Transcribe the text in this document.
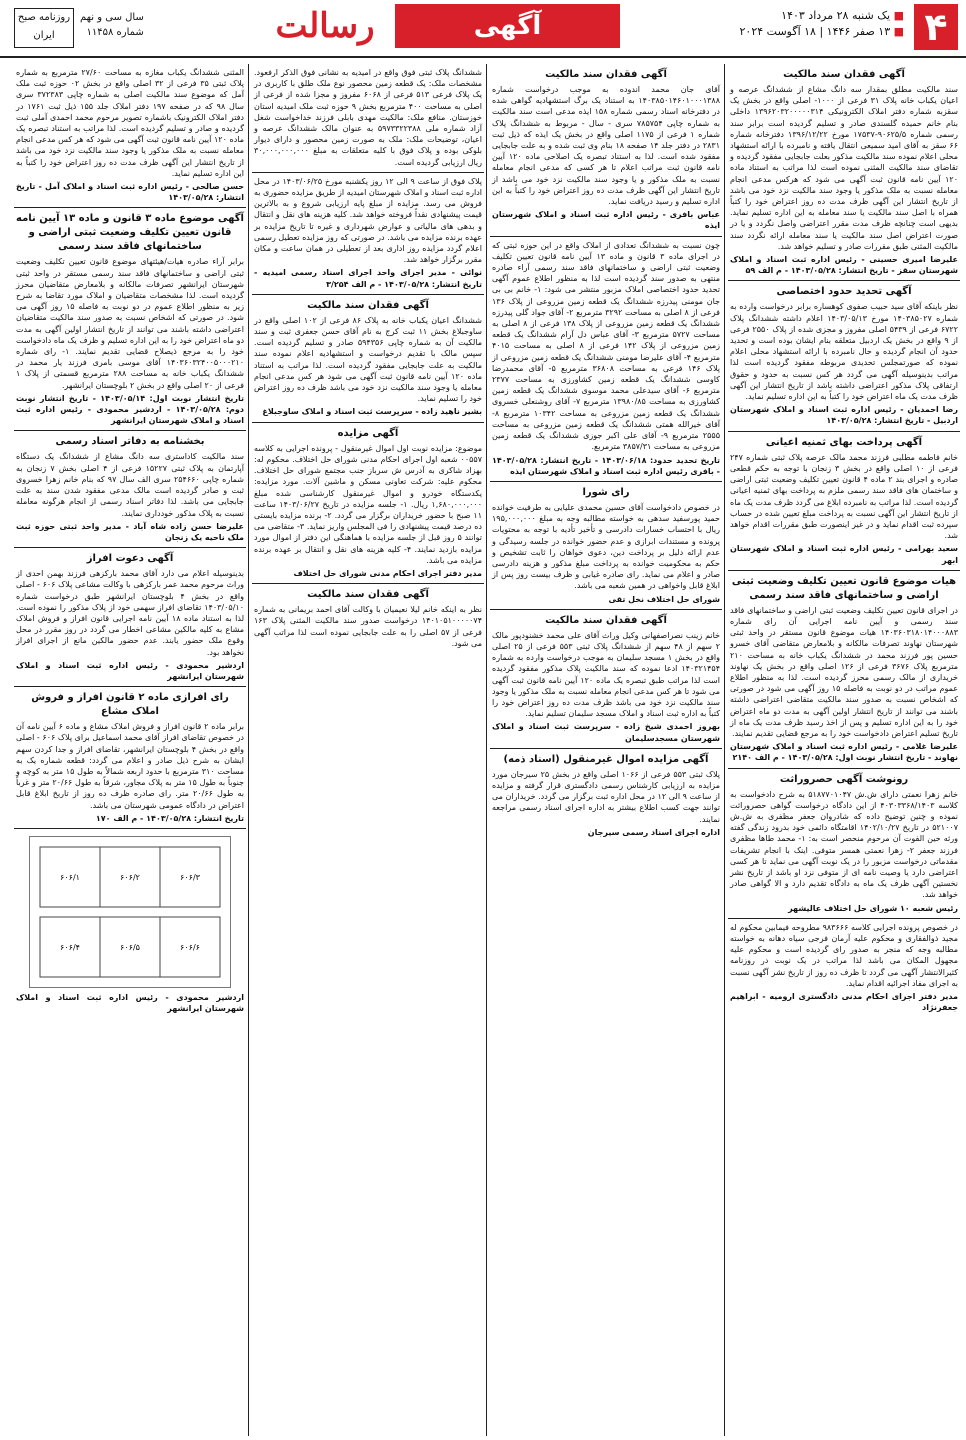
۴
■ یک شنبه ۲۸ مرداد ۱۴۰۳
■ ۱۳ صفر ۱۴۴۶ | ۱۸ آگوست ۲۰۲۴
آگهی
رسالت
سال سی و نهم
شماره ۱۱۴۵۸
روزنامه صبح ایران
آگهی فقدان سند مالکیت
سند مالکیت مطلق بمقدار سه دانگ مشاع از ششدانگ عرصه و اعیان یکباب خانه پلاک ۳۱ فرعی از ۱۰۰۰- اصلی واقع در بخش یک سقزبه شماره دفتر املاک الکترونیکی ۱۳۹۶۲۰۳۲۰۰۰۰۰۳۱۴ داخلی بنام خانم حمیده گلسندی صادر و تسلیم گردیده است برابر سند رسمی شماره ۹۰۶۲۵/۵-۱۷۵۳۷ مورخ ۱۳۹۶/۱۲/۲۲ دفترخانه شماره ۶۶ سقز به آقای امید سمیعی انتقال یافته و نامبرده با ارائه استشهاد محلی اعلام نموده سند مالکیت مذکور بعلت جابجایی مفقود گردیده و تقاضای سند مالکیت المثنی نموده است لذا مراتب به استناد ماده ۱۲۰ آیین نامه قانون ثبت آگهی می شود که هرکس مدعی انجام معامله نسبت به ملک مذکور یا وجود سند مالکیت نزد خود می باشد از تاریخ انتشار این آگهی ظرف مدت ده روز اعتراض خود را کتباً همراه با اصل سند مالکیت یا سند معامله به این اداره تسلیم نماید. بدیهی است چنانچه ظرف مدت مقرر اعتراضی واصل نگردد و یا در صورت اعتراض اصل سند مالکیت یا سند معامله ارائه نگردد سند مالکیت المثنی طبق مقررات صادر و تسلیم خواهد شد.
علیرضا امیری حسینی - رئیس اداره ثبت اسناد و املاک شهرستان سقز - تاریخ انتشار: ۱۴۰۳/۰۵/۲۸ - م الف ۵۹
آگهی تحدید حدود اختصاصی
نظر باینکه آقای سید حبیب صفوی کوهساره برابر درخواست وارده به شماره ۱۴۰۳۸۵۰۲۷ مورخ ۱۴۰۳/۰۵/۱۳ اعلام داشته ششدانگ پلاک ۶۷۲۲ فرعی از ۵۴۳۹ اصلی مفروز و مجزی شده از پلاک ۲۵۵۰ فرعی از ۹ واقع در بخش یک اردبیل متعلقه بنام ایشان بوده است و تحدید حدود آن انجام گردیده و حال نامبرده با ارائه استشهاد محلی اعلام نموده که صورتمجلس تحدیدی مربوطه مفقود گردیده است لذا مراتب بدینوسیله آگهی می گردد هر کس نسبت به حدود و حقوق ارتفاقی پلاک مذکور اعتراضی داشته باشد از تاریخ انتشار این آگهی ظرف مدت یک ماه اعتراض خود را کتباً به این اداره تسلیم نماید.
رضا احمدیان - رئیس اداره ثبت اسناد و املاک شهرستان اردبیل - تاریخ انتشار: ۱۴۰۳/۰۵/۲۸
آگهی پرداخت بهای ثمنیه اعیانی
خانم فاطمه مطلبی فرزند محمد مالک عرصه پلاک ثبتی شماره ۲۴۷ فرعی از ۱۰ اصلی واقع در بخش ۳ زنجان با توجه به حکم قطعی صادره و اجرای بند ۲ ماده ۴ قانون تعیین تکلیف وضعیت ثبتی اراضی و ساختمان های فاقد سند رسمی ملزم به پرداخت بهای ثمنیه اعیانی گردیده است. لذا مراتب به نامبرده ابلاغ می گردد ظرف مدت یک ماه از تاریخ انتشار این آگهی نسبت به پرداخت مبلغ تعیین شده در حساب سپرده ثبت اقدام نماید و در غیر اینصورت طبق مقررات اقدام خواهد شد.
سعید بهرامی - رئیس اداره ثبت اسناد و املاک شهرستان ابهر
هیات موضوع قانون تعیین تکلیف وضعیت ثبتی اراضی و ساختمانهای فاقد سند رسمی
در اجرای قانون تعیین تکلیف وضعیت ثبتی اراضی و ساختمانهای فاقد سند رسمی و آیین نامه اجرایی آن رای شماره ۱۴۰۳۶۰۳۱۸۰۱۴۰۰۰۸۸۳ هیات موضوع قانون مستقر در واحد ثبتی شهرستان نهاوند تصرفات مالکانه و بلامعارض متقاضی آقای خسرو حسین پور فرزند محمد در ششدانگ یکباب خانه به مساحت ۲۱۰ مترمربع پلاک ۳۶۷۶ فرعی از ۱۲۶ اصلی واقع در بخش یک نهاوند خریداری از مالک رسمی محرز گردیده است. لذا به منظور اطلاع عموم مراتب در دو نوبت به فاصله ۱۵ روز آگهی می شود در صورتی که اشخاص نسبت به صدور سند مالکیت متقاضی اعتراضی داشته باشند می توانند از تاریخ انتشار اولین آگهی به مدت دو ماه اعتراض خود را به این اداره تسلیم و پس از اخذ رسید ظرف مدت یک ماه از تاریخ تسلیم اعتراض دادخواست خود را به مرجع قضایی تقدیم نمایند.
علیرضا غلامی - رئیس اداره ثبت اسناد و املاک شهرستان نهاوند - تاریخ انتشار نوبت اول: ۱۴۰۳/۰۵/۲۸ - م الف ۲۱۴۰
رونوشت آگهی حصروراثت
خانم زهرا نعمتی دارای ش.ش ۵۱۸۷۷۰۱۰۴۷ به شرح دادخواست به کلاسه ۴۰۳۰۳۳۶۸/۱۴۰۳ از این دادگاه درخواست گواهی حصروراثت نموده و چنین توضیح داده که شادروان جعفر مظفری به ش.ش ۵۲۱۰۰۷ در تاریخ ۱۴۰۲/۱۰/۲۷ اقامتگاه دائمی خود بدرود زندگی گفته ورثه حین الفوت آن مرحوم منحصر است به: ۱- محمد طاها مظفری فرزند جعفر ۲- زهرا نعمتی همسر متوفی. اینک با انجام تشریفات مقدماتی درخواست مزبور را در یک نوبت آگهی می نماید تا هر کسی اعتراضی دارد یا وصیت نامه ای از متوفی نزد او باشد از تاریخ نشر نخستین آگهی ظرف یک ماه به دادگاه تقدیم دارد و الا گواهی صادر خواهد شد.
رئیس شعبه ۱۰ شورای حل اختلاف عالیشهر
در خصوص پرونده اجرایی کلاسه ۹۸۳۶۶۶ مطروحه فیمابین محکوم له مجید ذوالفقاری و محکوم علیه آرمان فرجی سیاه دهانه به خواسته مطالبه وجه که منجر به صدور رای گردیده است و محکوم علیه مجهول المکان می باشد لذا مراتب در یک نوبت در روزنامه کثیرالانتشار آگهی می گردد تا ظرف ده روز از تاریخ نشر آگهی نسبت به اجرای مفاد اجرائیه اقدام نماید.
مدیر دفتر اجرای احکام مدنی دادگستری ارومیه - ابراهیم جعفرنژاد
آگهی فقدان سند مالکیت
آقای جان محمد اندوده به موجب درخواست شماره ۱۴۰۳۸۵۰۱۴۶۰۱۰۰۰۱۳۸۸ به استناد یک برگ استشهادیه گواهی شده در دفترخانه اسناد رسمی شماره ۱۵۸ ایذه مدعی است سند مالکیت به شماره چاپی ۷۸۵۷۵۴ سری - سال - مربوط به ششدانگ پلاک شماره ۱ فرعی از ۱۱۷۵ اصلی واقع در بخش یک ایذه که ذیل ثبت ۲۸۳۱ در دفتر جلد ۱۴ صفحه ۱۸ بنام وی ثبت شده و به علت جابجایی مفقود شده است. لذا به استناد تبصره یک اصلاحی ماده ۱۲۰ آیین نامه قانون ثبت مراتب اعلام تا هر کسی که مدعی انجام معامله نسبت به ملک مذکور و یا وجود سند مالکیت نزد خود می باشد از تاریخ انتشار این آگهی ظرف مدت ده روز اعتراض خود را کتباً به این اداره تسلیم و رسید دریافت نماید.
عباس بافری - رئیس اداره ثبت اسناد و املاک شهرستان ایذه
چون نسبت به ششدانگ تعدادی از املاک واقع در این حوزه ثبتی که در اجرای ماده ۳ قانون و ماده ۱۳ آیین نامه قانون تعیین تکلیف وضعیت ثبتی اراضی و ساختمانهای فاقد سند رسمی آراء صادره منتهی به صدور سند گردیده است لذا به منظور اطلاع عموم آگهی تحدید حدود اختصاصی املاک مزبور منتشر می شود: ۱- خانم بی بی جان مومنی پیدرزه ششدانگ یک قطعه زمین مزروعی از پلاک ۱۳۶ فرعی از ۸ اصلی به مساحت ۳۲۹۲ مترمربع ۲- آقای جواد گلی پیدرزه ششدانگ یک قطعه زمین مزروعی از پلاک ۱۳۸ فرعی از ۸ اصلی به مساحت ۵۷۲۷ مترمربع ۳- آقای عباس دل آرام ششدانگ یک قطعه زمین مزروعی از پلاک ۱۴۲ فرعی از ۸ اصلی به مساحت ۴۰۱۵ مترمربع ۴- آقای علیرضا مومنی ششدانگ یک قطعه زمین مزروعی از پلاک ۱۴۶ فرعی به مساحت ۳۶۸۰۸ مترمربع ۵- آقای محمدرضا کاوسی ششدانگ یک قطعه زمین کشاورزی به مساحت ۲۳۷۷ مترمربع ۶- آقای سیدعلی محمد موسوی ششدانگ یک قطعه زمین کشاورزی به مساحت ۱۳۹۸۰/۸۵ مترمربع ۷- آقای روشنعلی خسروی ششدانگ یک قطعه زمین مزروعی به مساحت ۱۰۳۴۲ مترمربع ۸- آقای خیرالله همتی ششدانگ یک قطعه زمین مزروعی به مساحت ۲۵۵۵ مترمربع ۹- آقای علی اکبر جوزی ششدانگ یک قطعه زمین مزروعی به مساحت ۳۸۵۷/۳۱ مترمربع.
تاریخ تحدید حدود: ۱۴۰۳/۰۶/۱۸ - تاریخ انتشار: ۱۴۰۳/۰۵/۲۸ - بافری رئیس اداره ثبت اسناد و املاک شهرستان ایذه
رای شورا
در خصوص دادخواست آقای حسین محمدی علیایی به طرفیت خوانده حمید پورسفید سدهی به خواسته مطالبه وجه به مبلغ ۱۹۵,۰۰۰,۰۰۰ ریال با احتساب خسارات دادرسی و تأخیر تأدیه با توجه به محتویات پرونده و مستندات ابرازی و عدم حضور خوانده در جلسه رسیدگی و عدم ارائه دلیل بر پرداخت دین، دعوی خواهان را ثابت تشخیص و حکم به محکومیت خوانده به پرداخت مبلغ مذکور و هزینه دادرسی صادر و اعلام می نماید. رای صادره غیابی و ظرف بیست روز پس از ابلاغ قابل واخواهی در همین شعبه می باشد.
شورای حل اختلاف نخل تقی
آگهی فقدان سند مالکیت
خانم زینب نصراصفهانی وکیل وراث آقای علی محمد خشنودپور مالک ۲ سهم از ۴۸ سهم از ششدانگ پلاک ثبتی ۵۵۳ فرعی از ۲۵ اصلی واقع در بخش ۱ مسجد سلیمان به موجب درخواست وارده به شماره ۱۴۰۳۲۱۴۵۴ ادعا نموده که سند مالکیت پلاک مذکور مفقود گردیده است لذا مراتب طبق تبصره یک ماده ۱۲۰ آیین نامه قانون ثبت آگهی می شود تا هر کس مدعی انجام معامله نسبت به ملک مذکور یا وجود سند مالکیت نزد خود می باشد ظرف مدت ده روز اعتراض خود را کتباً به اداره ثبت اسناد و املاک مسجد سلیمان تسلیم نماید.
بهروز احمدی شیخ زاده - سرپرست ثبت اسناد و املاک شهرستان مسجدسلیمان
آگهی مزایده اموال غیرمنقول (اسناد ذمه)
پلاک ثبتی ۵۵۳ فرعی از ۱۰۶۶ اصلی واقع در بخش ۲۵ سیرجان مورد مزایده به ارزیابی کارشناس رسمی دادگستری قرار گرفته و مزایده از ساعت ۹ الی ۱۲ در محل اداره ثبت برگزار می گردد. خریداران می توانند جهت کسب اطلاع بیشتر به اداره اجرای اسناد رسمی مراجعه نمایند.
اداره اجرای اسناد رسمی سیرجان
ششدانگ پلاک ثبتی فوق واقع در امیدیه به نشانی فوق الذکر ارفعود. مشخصات ملک: یک قطعه زمین محصور نوع ملک طلق با کاربری در یک پلاک فرعی ۵۱۳ فرعی از ۶۰۶۸ مفروز و مجزا شده از فرعی از اصلی به مساحت ۴۰۰ مترمربع بخش ۹ حوزه ثبت ملک امیدیه استان خوزستان. منافع ملک: مالکیت مهدی بابلی فرزند خداخواست شغل آزاد شماره ملی ۵۹۷۳۳۲۲۳۸۸ به عنوان مالک ششدانگ عرصه و اعیان، توضیحات ملک: ملک به صورت زمین محصور و دارای دیوار بلوکی بوده و پلاک فوق با کلیه متعلقات به مبلغ ۳۰,۰۰۰,۰۰۰,۰۰۰ ریال ارزیابی گردیده است.
پلاک فوق از ساعت ۹ الی ۱۲ روز یکشنبه مورخ ۱۴۰۳/۰۶/۲۵ در محل اداره ثبت اسناد و املاک شهرستان امیدیه از طریق مزایده حضوری به فروش می رسد. مزایده از مبلغ پایه ارزیابی شروع و به بالاترین قیمت پیشنهادی نقداً فروخته خواهد شد. کلیه هزینه های نقل و انتقال و بدهی های مالیاتی و عوارض شهرداری و غیره تا تاریخ مزایده بر عهده برنده مزایده می باشد. در صورتی که روز مزایده تعطیل رسمی اعلام گردد مزایده روز اداری بعد از تعطیلی در همان ساعت و مکان مقرر برگزار خواهد شد.
نوائی - مدیر اجرای واحد اجرای اسناد رسمی امیدیه - تاریخ انتشار: ۱۴۰۳/۰۵/۲۸ - م الف ۳/۲۵۴
آگهی فقدان سند مالکیت
ششدانگ اعیان یکباب خانه به پلاک ۸۶ فرعی از ۱۰۲ اصلی واقع در ساوجبلاغ بخش ۱۱ ثبت کرج به نام آقای حسن جعفری ثبت و سند مالکیت آن به شماره چاپی ۵۹۴۳۵۶ صادر و تسلیم گردیده است. سپس مالک با تقدیم درخواست و استشهادیه اعلام نموده سند مالکیت به علت جابجایی مفقود گردیده است. لذا مراتب به استناد ماده ۱۲۰ آیین نامه قانون ثبت آگهی می شود هر کس مدعی انجام معامله یا وجود سند مالکیت نزد خود می باشد ظرف ده روز اعتراض خود را تسلیم نماید.
بشیر ناهید زاده - سرپرست ثبت اسناد و املاک ساوجبلاغ
آگهی مزایده
موضوع: مزایده نوبت اول اموال غیرمنقول - پرونده اجرایی به کلاسه ۰۰۵۵۷ شعبه اول اجرای احکام مدنی شورای حل اختلاف. محکوم له: بهزاد شاکری به آدرس ش سرباز جنب مجتمع شورای حل اختلاف. محکوم علیه: شرکت تعاونی مسکن و ماشین آلات. مورد مزایده: یکدستگاه خودرو و اموال غیرمنقول کارشناسی شده مبلغ ۱,۶۸۰,۰۰۰,۰۰۰ ریال. ۱- جلسه مزایده در تاریخ ۱۴۰۳/۰۶/۲۷ ساعت ۱۱ صبح با حضور خریداران برگزار می گردد. ۲- برنده مزایده بایستی ده درصد قیمت پیشنهادی را فی المجلس واریز نماید. ۳- متقاضی می توانند ۵ روز قبل از جلسه مزایده با هماهنگی این دفتر از اموال مورد مزایده بازدید نمایند. ۴- کلیه هزینه های نقل و انتقال بر عهده برنده مزایده می باشد.
مدیر دفتر اجرای احکام مدنی شورای حل اختلاف
آگهی فقدان سند مالکیت
نظر به اینکه خانم لیلا نعیمیان با وکالت آقای احمد بریمانی به شماره ۱۴۰۱۰۵۱۰۰۰۰۰۷۴ درخواست صدور سند مالکیت المثنی پلاک ۱۶۳ فرعی از ۵۷ اصلی را به علت جابجایی نموده است لذا مراتب آگهی می شود.
المثنی ششدانگ یکباب مغازه به مساحت ۲۷/۶۰ مترمربع به شماره پلاک ثبتی ۳۵ فرعی از ۳۲ اصلی واقع در بخش ۰۲ حوزه ثبت ملک آمل که موضوع سند مالکیت اصلی به شماره چاپی ۳۷۲۳۸۳ سری سال ۹۸ که در صفحه ۱۹۷ دفتر املاک جلد ۱۵۵ ذیل ثبت ۱۷۶۱ در دفتر املاک الکترونیک باشماره تصویر مرحوم محمد احمدی آملی ثبت گردیده و صادر و تسلیم گردیده است. لذا مراتب به استناد تبصره یک ماده ۱۲۰ آیین نامه قانون ثبت آگهی می شود که هر کس مدعی انجام معامله نسبت به ملک مذکور یا وجود سند مالکیت نزد خود می باشد از تاریخ انتشار این آگهی ظرف مدت ده روز اعتراض خود را کتباً به این اداره تسلیم نماید.
حسن صالحی - رئیس اداره ثبت اسناد و املاک آمل - تاریخ انتشار: ۱۴۰۳/۰۵/۲۸
آگهی موضوع ماده ۳ قانون و ماده ۱۳ آیین نامه قانون تعیین تکلیف وضعیت ثبتی اراضی و ساختمانهای فاقد سند رسمی
برابر آراء صادره هیات/هیئتهای موضوع قانون تعیین تکلیف وضعیت ثبتی اراضی و ساختمانهای فاقد سند رسمی مستقر در واحد ثبتی شهرستان ایرانشهر تصرفات مالکانه و بلامعارض متقاضیان محرز گردیده است. لذا مشخصات متقاضیان و املاک مورد تقاضا به شرح زیر به منظور اطلاع عموم در دو نوبت به فاصله ۱۵ روز آگهی می شود. در صورتی که اشخاص نسبت به صدور سند مالکیت متقاضیان اعتراضی داشته باشند می توانند از تاریخ انتشار اولین آگهی به مدت دو ماه اعتراض خود را به این اداره تسلیم و ظرف یک ماه دادخواست خود را به مرجع ذیصلاح قضایی تقدیم نمایند. ۱- رای شماره ۱۴۰۳۶۰۳۲۴۰۰۵۰۰۰۲۱۰ آقای موسی بامری فرزند یار محمد در ششدانگ یکباب خانه به مساحت ۲۸۸ مترمربع قسمتی از پلاک ۱ فرعی از ۲۰ اصلی واقع در بخش ۲ بلوچستان ایرانشهر.
تاریخ انتشار نوبت اول: ۱۴۰۳/۰۵/۱۴ - تاریخ انتشار نوبت دوم: ۱۴۰۳/۰۵/۲۸ - اردشیر محمودی - رئیس اداره ثبت اسناد و املاک شهرستان ایرانشهر
بخشنامه به دفاتر اسناد رسمی
سند مالکیت کاداستری سه دانگ مشاع از ششدانگ یک دستگاه آپارتمان به پلاک ثبتی ۱۵۲۲۷ فرعی از ۴ اصلی بخش ۷ زنجان به شماره چاپی ۲۵۴۶۶۰ سری الف سال ۹۷ که بنام خانم زهرا خسروی ثبت و صادر گردیده است مالک مدعی مفقود شدن سند به علت جابجایی می باشد. لذا دفاتر اسناد رسمی از انجام هرگونه معامله نسبت به پلاک مذکور خودداری نمایند.
علیرضا حسن زاده شاه آباد - مدیر واحد ثبتی حوزه ثبت ملک ناحیه یک زنجان
آگهی دعوت افراز
بدینوسیله اعلام می دارد آقای محمد بارکزهی فرزند بهمن احدی از وراث مرحوم محمد عمر بارکزهی با وکالت مشاعی پلاک ۶۰۶ - اصلی واقع در بخش ۴ بلوچستان ایرانشهر طبق درخواست شماره ۱۴۰۳/۰۵/۱۰ تقاضای افراز سهمی خود از پلاک مذکور را نموده است. لذا به استناد ماده ۱۸ آیین نامه اجرایی قانون افراز و فروش املاک مشاع به کلیه مالکین مشاعی اخطار می گردد در روز مقرر در محل وقوع ملک حضور یابند. عدم حضور مالکین مانع از اجرای افراز نخواهد بود.
اردشیر محمودی - رئیس اداره ثبت اسناد و املاک شهرستان ایرانشهر
رای افرازی ماده ۲ قانون افراز و فروش املاک مشاع
برابر ماده ۲ قانون افراز و فروش املاک مشاع و ماده ۶ آیین نامه آن در خصوص تقاضای افراز آقای محمد اسماعیل برای پلاک ۶۰۶ - اصلی واقع در بخش ۴ بلوچستان ایرانشهر، تقاضای افراز و جدا کردن سهم ایشان به شرح ذیل صادر و اعلام می گردد: قطعه شماره یک به مساحت ۳۱۰ مترمربع با حدود اربعه شمالاً به طول ۱۵ متر به کوچه و جنوباً به طول ۱۵ متر به پلاک مجاور، شرقاً به طول ۲۰/۶۶ متر و غرباً به طول ۲۰/۶۶ متر. رای صادره ظرف ده روز از تاریخ ابلاغ قابل اعتراض در دادگاه عمومی شهرستان می باشد.
تاریخ انتشار: ۱۴۰۳/۰۵/۲۸ - م الف ۱۷۰
۶۰۶/۱	۶۰۶/۲	۶۰۶/۳
۶۰۶/۴	۶۰۶/۵	۶۰۶/۶
اردشیر محمودی - رئیس اداره ثبت اسناد و املاک شهرستان ایرانشهر
